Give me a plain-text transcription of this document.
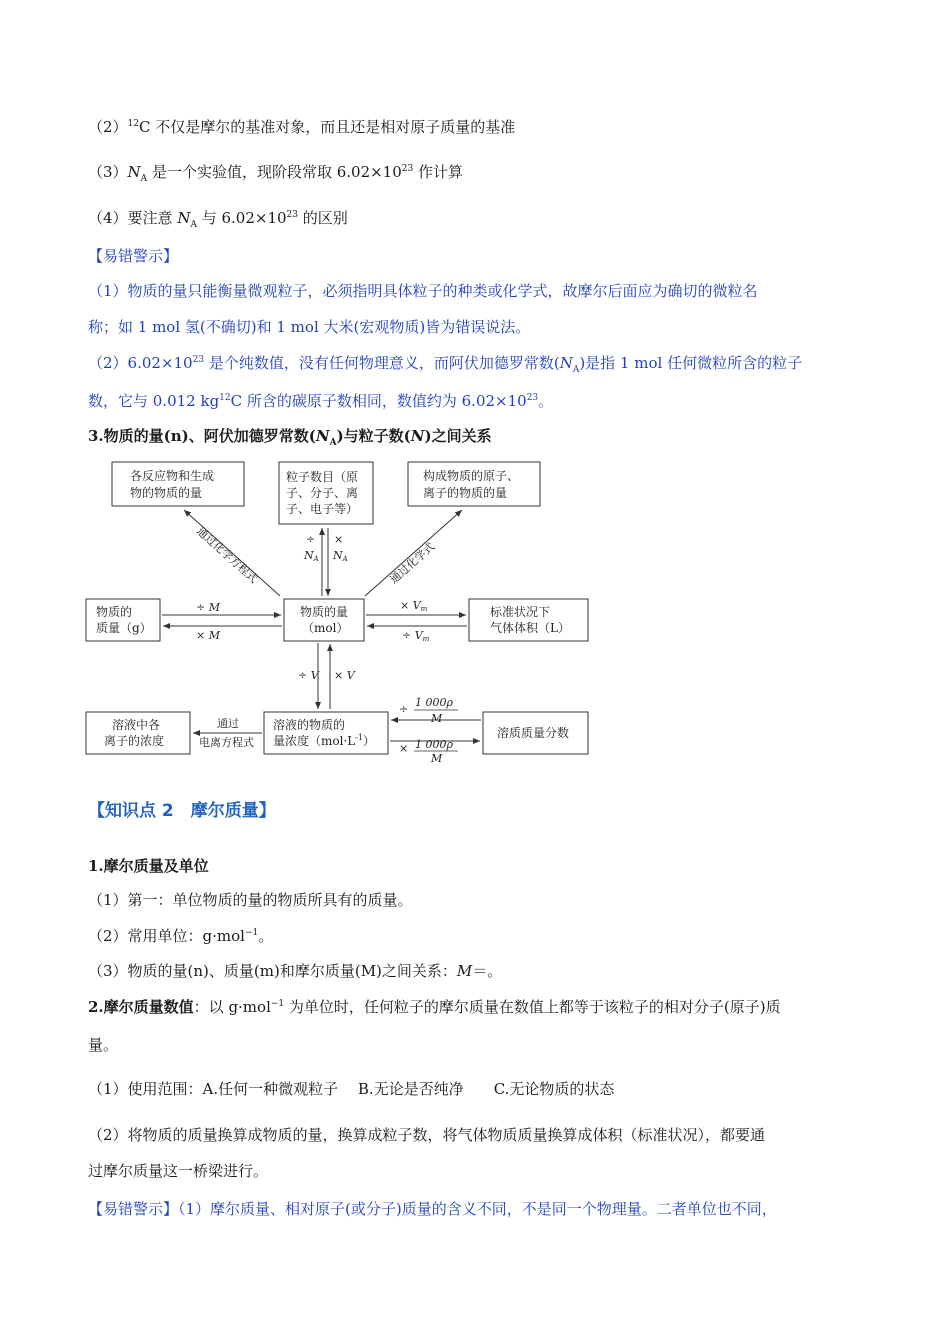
$(2)^{12}C$ 不仅是摩尔的基准对象，而且还是相对原子质量的基准
$(3)N_A$ 是一个实验值，现阶段常取 $6.02\times 10^{23}$ 作计算
（4）要注意 $N_A$ 与 $6.02\times 10^{23}$ 的区别
【易错警示】
（1）物质的量只能衡量微观粒子，必须指明具体粒子的种类或化学式，故摩尔后面应为确切的微粒名
称；如 1 mol 氢(不确切)和 1 mol 大米(宏观物质)皆为错误说法。
$(2)6.02\times 10^{23}$ 是个纯数值，没有任何物理意义，而阿伏加德罗常数$(N_A)$是指 1 mol 任何微粒所含的粒子
数，它与 0.012 $kg^{12}C$ 所含的碳原子数相同，数值约为 $6.02\times 10^{23}$。
3.物质的量(n)、阿伏加德罗常数$(N_A)$与粒子数(N)之间关系
各反应物和生成
物的物质的量
粒子数目（原
子、分子、离
子、电子等）
构成物质的原子、
离子的物质的量
物质的
质量（g）
物质的量
（mol）
标准状况下
气体体积（L）
溶液中各
离子的浓度
溶液的物质的
量浓度$(mol\cdot L^{-1})$
溶质质量分数
通过化学方程式	通过化学式
÷
NA
×
NA
÷ M
× M
× Vm
÷ Vm
÷ V × V
通过
电离方程式
÷
1 000ρ
M
× 1 000ρ
M
【知识点 2　摩尔质量】
1.摩尔质量及单位
（1）第一：单位物质的量的物质所具有的质量。
（2）常用单位：g·mol$^{-1}$。
（3）物质的量(n)、质量(m)和摩尔质量(M)之间关系：M＝。
2.摩尔质量数值：以 g·mol$^{-1}$ 为单位时，任何粒子的摩尔质量在数值上都等于该粒子的相对分子(原子)质
量。
（1）使用范围：A.任何一种微观粒子　 B.无论是否纯净　　C.无论物质的状态
（2）将物质的质量换算成物质的量，换算成粒子数，将气体物质质量换算成体积（标准状况），都要通
过摩尔质量这一桥梁进行。
【易错警示】（1）摩尔质量、相对原子(或分子)质量的含义不同，不是同一个物理量。二者单位也不同，
